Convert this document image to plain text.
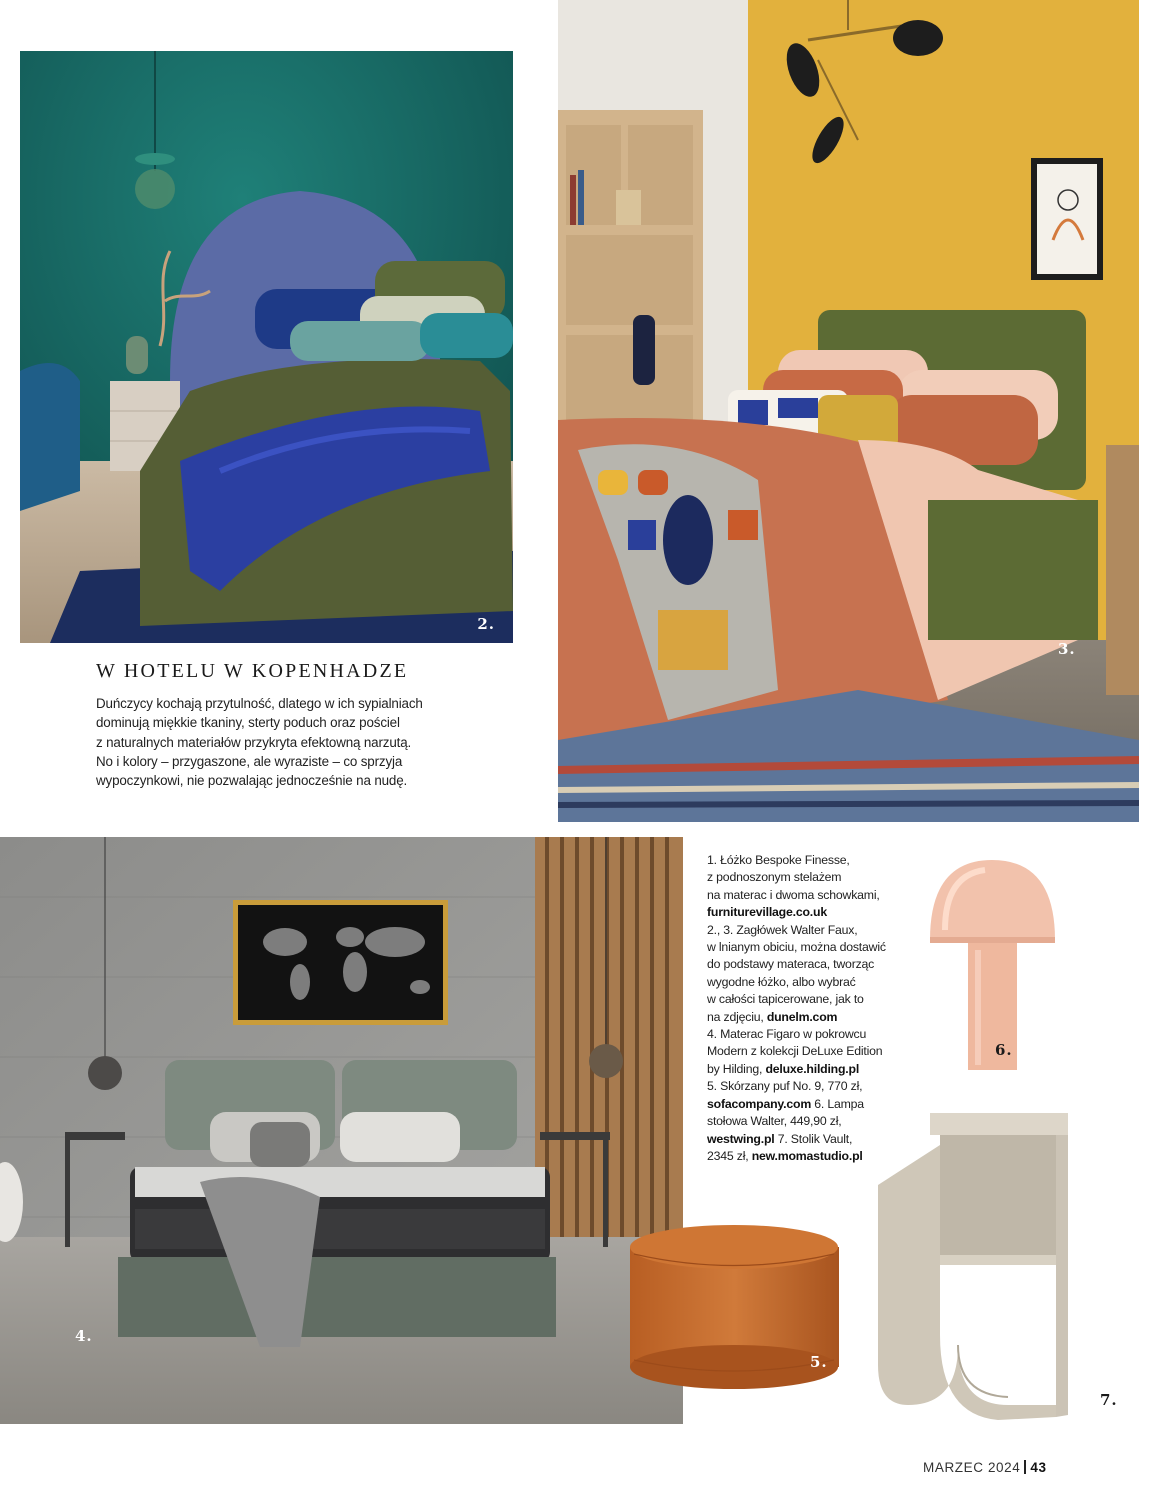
2.
3.
4.
6.
7.
5.
W HOTELU W KOPENHADZE
Duńczycy kochają przytulność, dlatego w ich sypialniach
dominują miękkie tkaniny, sterty poduch oraz pościel
z naturalnych materiałów przykryta efektowną narzutą.
No i kolory – przygaszone, ale wyraziste – co sprzyja
wypoczynkowi, nie pozwalając jednocześnie na nudę.

1. Łóżko Bespoke Finesse,

z podnoszonym stelażem

na materac i dwoma schowkami,

furniturevillage.co.uk

2., 3. Zagłówek Walter Faux,

w lnianym obiciu, można dostawić

do podstawy materaca, tworząc

wygodne łóżko, albo wybrać

w całości tapicerowane, jak to

na zdjęciu, dunelm.com

4. Materac Figaro w pokrowcu

Modern z kolekcji DeLuxe Edition

by Hilding, deluxe.hilding.pl

5. Skórzany puf No. 9, 770 zł,

sofacompany.com 6. Lampa

stołowa Walter, 449,90 zł,

westwing.pl 7. Stolik Vault,

2345 zł, new.momastudio.pl

MARZEC 2024 43
